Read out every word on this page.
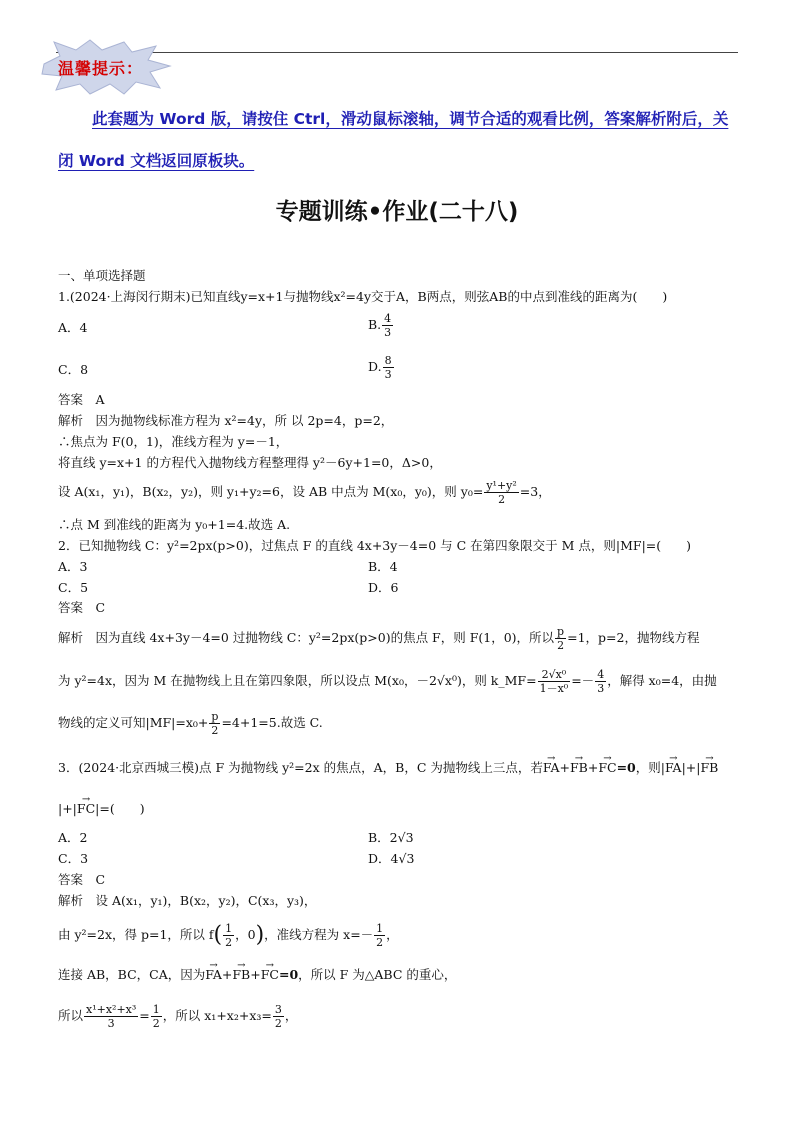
温馨提示：
此套题为 Word 版，请按住 Ctrl，滑动鼠标滚轴，调节合适的观看比例，答案解析附后，关闭 Word 文档返回原板块。
专题训练•作业(二十八)
一、单项选择题
1.(2024·上海闵行期末)已知直线y=x+1与抛物线x²=4y交于A，B两点，则弦AB的中点到准线的距离为(　　)
A．4	B. $\frac{4}{3}$
C．8	D. $\frac{8}{3}$
答案　A
解析　因为抛物线标准方程为 x²=4y，所 以 2p=4，p=2，
∴焦点为 F(0，1)，准线方程为 y=－1，
将直线 y=x+1 的方程代入抛物线方程整理得 y²－6y+1=0，Δ>0，
设 A(x₁，y₁)，B(x₂，y₂)，则 y₁+y₂=6，设 AB 中点为 M(x₀，y₀)，则 $y_0= \frac{\text{y¹+y²}}{2} =3$，
∴点 M 到准线的距离为 y₀+1=4.故选 A.
2．已知抛物线 C：y²=2px(p>0)，过焦点 F 的直线 4x+3y－4=0 与 C 在第四象限交于 M 点，则|MF|=(　　)
A．3	B．4
C．5	D．6
答案　C
解析　因为直线 4x+3y－4=0 过抛物线 C：y²=2px(p>0)的焦点 F，则 F(1，0)，所以 $\frac{p}{2} =1$，p=2，抛物线方程
为 y²=4x，因为 M 在抛物线上且在第四象限，所以设点 M(x₀，－2√x⁰)，则 k_MF= $\frac{\text{2√x⁰}}{\text{1－x⁰}} =- \frac{4}{3}$ ，解得 x₀=4，由抛
物线的定义可知$|MF|=x_0+ \frac{p}{2} =4+1=5$.故选 C.
3．(2024·北京西城三模)点 F 为抛物线 y²=2x 的焦点，A，B，C 为抛物线上三点，若→ FA+→ FB+→ FC=0，则|→ FA|+|→ FB
|+|→ FC|=(　　)
A．2	B．2√3
C．3	D．4√3
答案　C
解析　设 A(x₁，y₁)，B(x₂，y₂)，C(x₃，y₃)，
由 y²=2x，得 p=1，所以 $f( \frac{1}{2}$ ，0)，准线方程为 $x=- \frac{1}{2}$ ，
连接 AB，BC，CA，因为→ FA+→ FB+→ FC=0，所以 F 为△ABC 的重心，
所以 $\frac{\text{x¹+x²+x³}}{3} = \frac{1}{2}$ ，所以 $x_1+x_2+x_3= \frac{3}{2}$ ，
